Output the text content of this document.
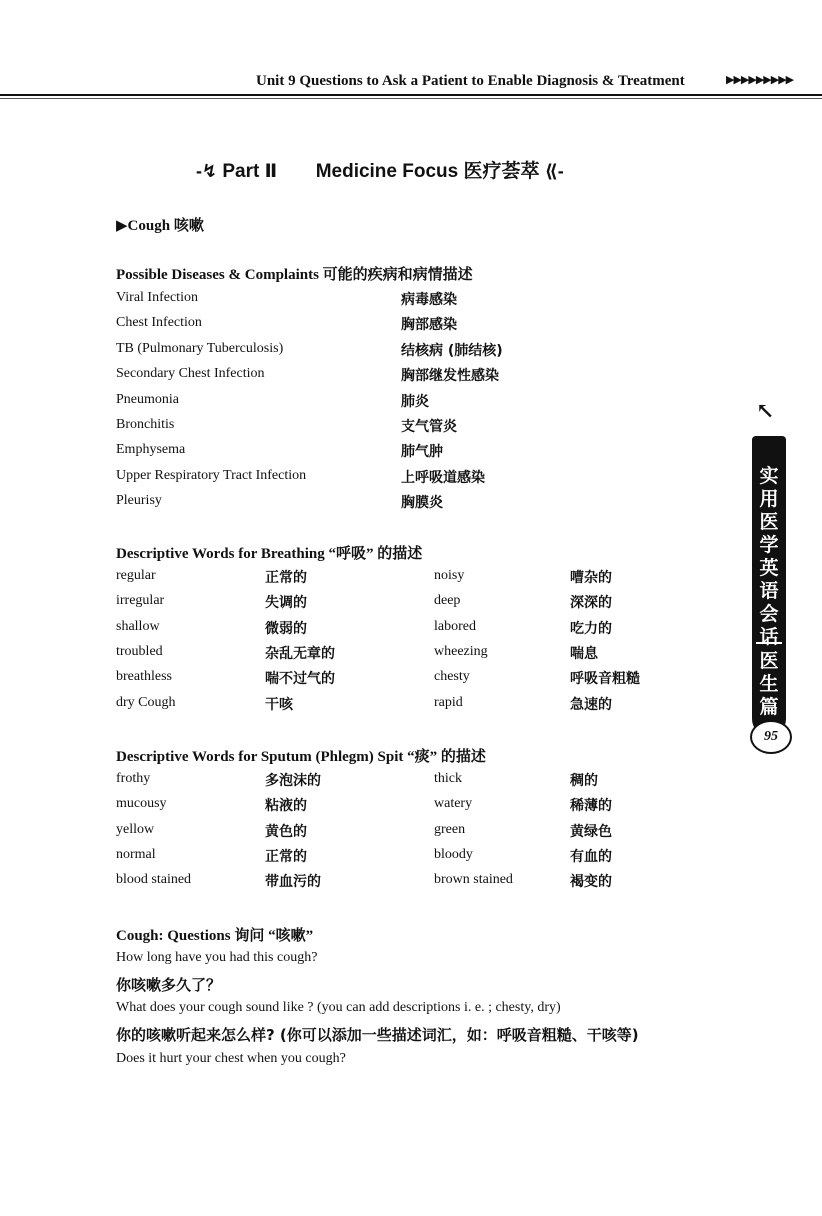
Unit 9 Questions to Ask a Patient to Enable Diagnosis & Treatment	▶▶▶▶▶▶▶▶▶
-↯ Part Ⅱ Medicine Focus 医疗荟萃 ⟪-
▶Cough 咳嗽
Possible Diseases & Complaints 可能的疾病和病情描述
Viral Infection	病毒感染
Chest Infection	胸部感染
TB (Pulmonary Tuberculosis)	结核病 (肺结核)
Secondary Chest Infection	胸部继发性感染
Pneumonia	肺炎
Bronchitis	支气管炎
Emphysema	肺气肿
Upper Respiratory Tract Infection	上呼吸道感染
Pleurisy	胸膜炎
Descriptive Words for Breathing “呼吸” 的描述
regular	正常的	noisy	嘈杂的
irregular	失调的	deep	深深的
shallow	微弱的	labored	吃力的
troubled	杂乱无章的	wheezing	喘息
breathless	喘不过气的	chesty	呼吸音粗糙
dry Cough	干咳	rapid	急速的
Descriptive Words for Sputum (Phlegm) Spit “痰” 的描述
frothy	多泡沫的	thick	稠的
mucousy	粘液的	watery	稀薄的
yellow	黄色的	green	黄绿色
normal	正常的	bloody	有血的
blood stained	带血污的	brown stained	褐变的
Cough: Questions 询问 “咳嗽”
How long have you had this cough?
你咳嗽多久了？
What does your cough sound like ? (you can add descriptions i. e. ; chesty, dry)
你的咳嗽听起来怎么样? (你可以添加一些描述词汇，如：呼吸音粗糙、干咳等)
Does it hurt your chest when you cough?
↖
实
用
医
学
英
语
会
话
医
生
篇
95
